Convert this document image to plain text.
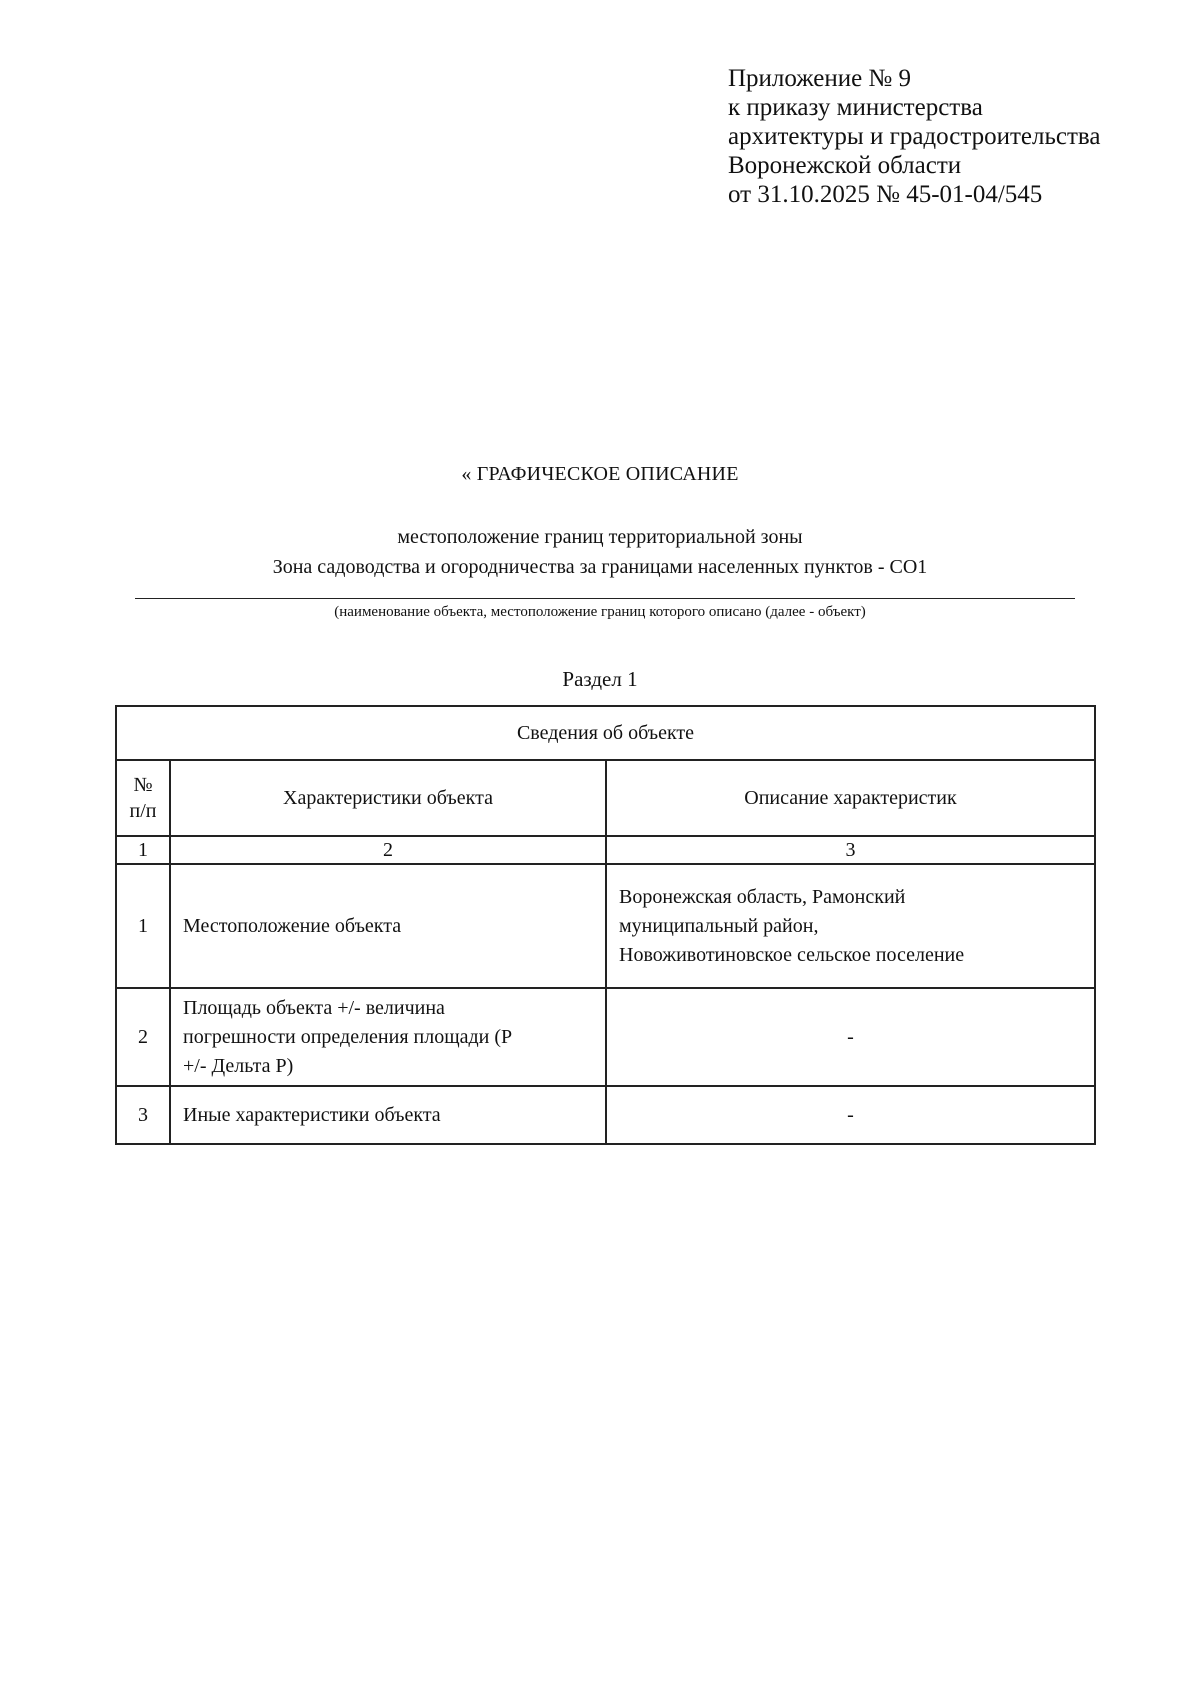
Приложение № 9
к приказу министерства
архитектуры и градостроительства
Воронежской области
от 31.10.2025 № 45-01-04/545
« ГРАФИЧЕСКОЕ ОПИСАНИЕ
местоположение границ территориальной зоны
Зона садоводства и огородничества за границами населенных пунктов - СО1
(наименование объекта, местоположение границ которого описано (далее - объект)
Раздел 1
Сведения об объекте		

№
п/п	Характеристики объекта	Описание характеристик
1	2	3
1	Местоположение объекта	Воронежская область, Рамонский
муниципальный район,
Новоживотиновское сельское поселение

2	Площадь объекта +/- величина
погрешности определения площади (Р
+/- Дельта Р)	-
3	Иные характеристики объекта	-
